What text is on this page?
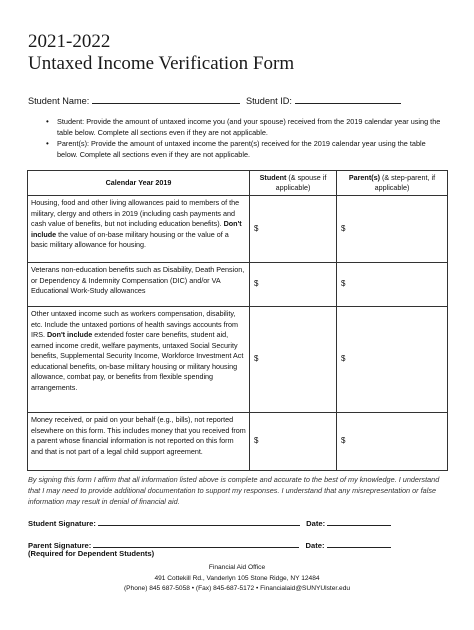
2021-2022
Untaxed Income Verification Form
Student Name:	Student ID:
• Student: Provide the amount of untaxed income you (and your spouse) received from the 2019 calendar year using the table below. Complete all sections even if they are not applicable.
• Parent(s): Provide the amount of untaxed income the parent(s) received for the 2019 calendar year using the table below. Complete all sections even if they are not applicable.
Calendar Year 2019	Student (& spouse if applicable)	Parent(s) (& step-parent, if applicable)
Housing, food and other living allowances paid to members of the military, clergy and others in 2019 (including cash payments and cash value of benefits, but not including education benefits). Don't include the value of on-base military housing or the value of a basic military allowance for housing.	$	$
Veterans non-education benefits such as Disability, Death Pension, or Dependency & Indemnity Compensation (DIC) and/or VA Educational Work-Study allowances	$	$
Other untaxed income such as workers compensation, disability, etc. Include the untaxed portions of health savings accounts from IRS. Don't include extended foster care benefits, student aid, earned income credit, welfare payments, untaxed Social Security benefits, Supplemental Security Income, Workforce Investment Act educational benefits, on-base military housing or military housing allowance, combat pay, or benefits from flexible spending arrangements.	$	$
Money received, or paid on your behalf (e.g., bills), not reported elsewhere on this form. This includes money that you received from a parent whose financial information is not reported on this form and that is not part of a legal child support agreement.	$	$
By signing this form I affirm that all information listed above is complete and accurate to the best of my knowledge. I understand that I may need to provide additional documentation to support my responses. I understand that any misrepresentation or false information may result in denial of financial aid.
Student Signature:	Date:
Parent Signature:	Date:
(Required for Dependent Students)
Financial Aid Office
491 Cottekill Rd., Vanderlyn 105 Stone Ridge, NY 12484
(Phone) 845 687-5058 • (Fax) 845-687-5172 • Financialaid@SUNYUlster.edu
